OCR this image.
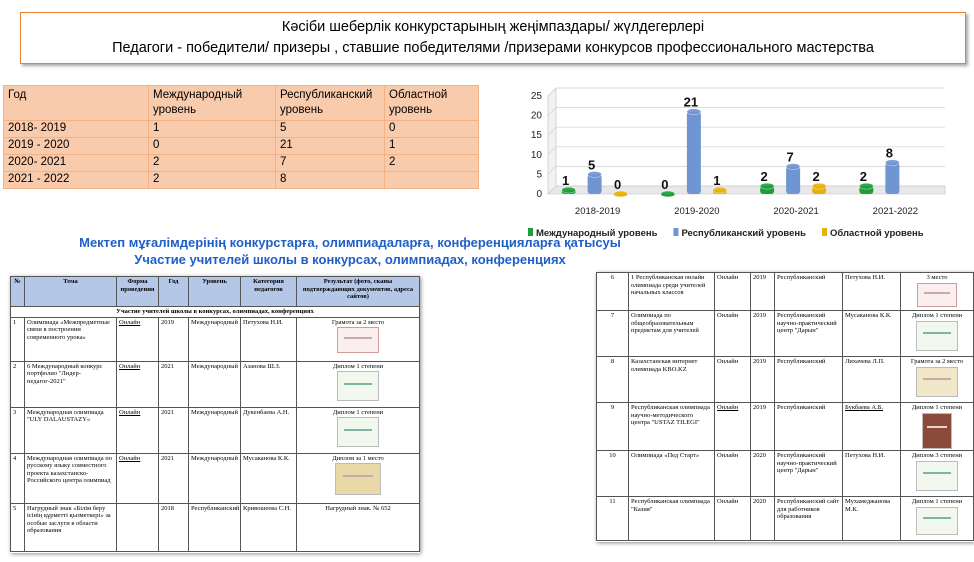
Кәсіби шеберлік конкурстарының жеңімпаздары/ жүлдегерлері
Педагоги - победители/ призеры , ставшие победителями /призерами конкурсов профессионального мастерства
Год	Международный уровень	Республиканский уровень	Областной уровень
2018- 2019	1	5	0
2019 - 2020	0	21	1
2020- 2021	2	7	2
2021 - 2022	2	8	
0
5
10
15
20
25
2018-2019
1
5
0
2019-2020
0
21
1
2020-2021
2
7
2
2021-2022
2
8
Международный уровень	Республиканский уровень	Областной уровень
Мектеп мұғалімдерінің конкурстарға, олимпиадаларға, конференцияларға қатысуы
Участие учителей школы в конкурсах, олимпиадах, конференциях
№	Тема	Форма проведения	Год	Уровень	Категория педагогов	Результат (фото, сканы подтверждающих документов, адреса сайтов)
Участие учителей школы в конкурсах, олимпиадах, конференциях						
1	Олимпиада «Межпредметные связи в построении современного урока»	Онлайн	2019	Международный	Петухова Н.И.	Грамота за 2 место

2	6 Международный конкурс портфолио "Лидер- педагог-2021"	Онлайн	2021	Международный	Азанова Ш.З.	Диплом 1 степени

3	Международная олимпиада "ULY DALAUSTAZY«	Онлайн	2021	Международный	Дукенбаева А.Н.	Диплом 1 степени

4	Международная олимпиада по русскому языку совместного проекта казахстанско- Российского центра олимпиад	Онлайн	2021	Международный	Мусаканова К.К.	Диплом за 1 место

5	Нагрудный знак «Білім беру ісінің құрметті қызметкері» за особые заслуги в области образования		2018	Республиканский	Кривошеева С.Н.	Нагрудный знак. № 652
6	1 Республиканская онлайн олимпиада среди учителей начальных классов	Онлайн	2019	Республиканский	Петухова Н.И.	3 место

7	Олимпиада по общеобразовательным предметам для учителей	Онлайн	2019	Республиканский научно-практический центр "Дарын"	Мусаканова К.К.	Диплом 1 степени

8	Казахстанская интернет олимпиада KBO.KZ	Онлайн	2019	Республиканский	Лихачева Л.П.	Грамота за 2 место

9	Республиканская олимпиада научно-методического центра "USTAZ TILEGI"	Онлайн	2019	Республиканский	Букбаева А.Б.	Диплом 1 степени

10	Олимпиада «Пед Старт»	Онлайн	2020	Республиканский научно-практический центр "Дарын"	Петухова Н.И.	Диплом 3 степени

11	Республиканская олимпиада "Казия"	Онлайн	2020	Республиканский сайт для работников образования	Мухамеджанова М.К.	Диплом 1 степени
